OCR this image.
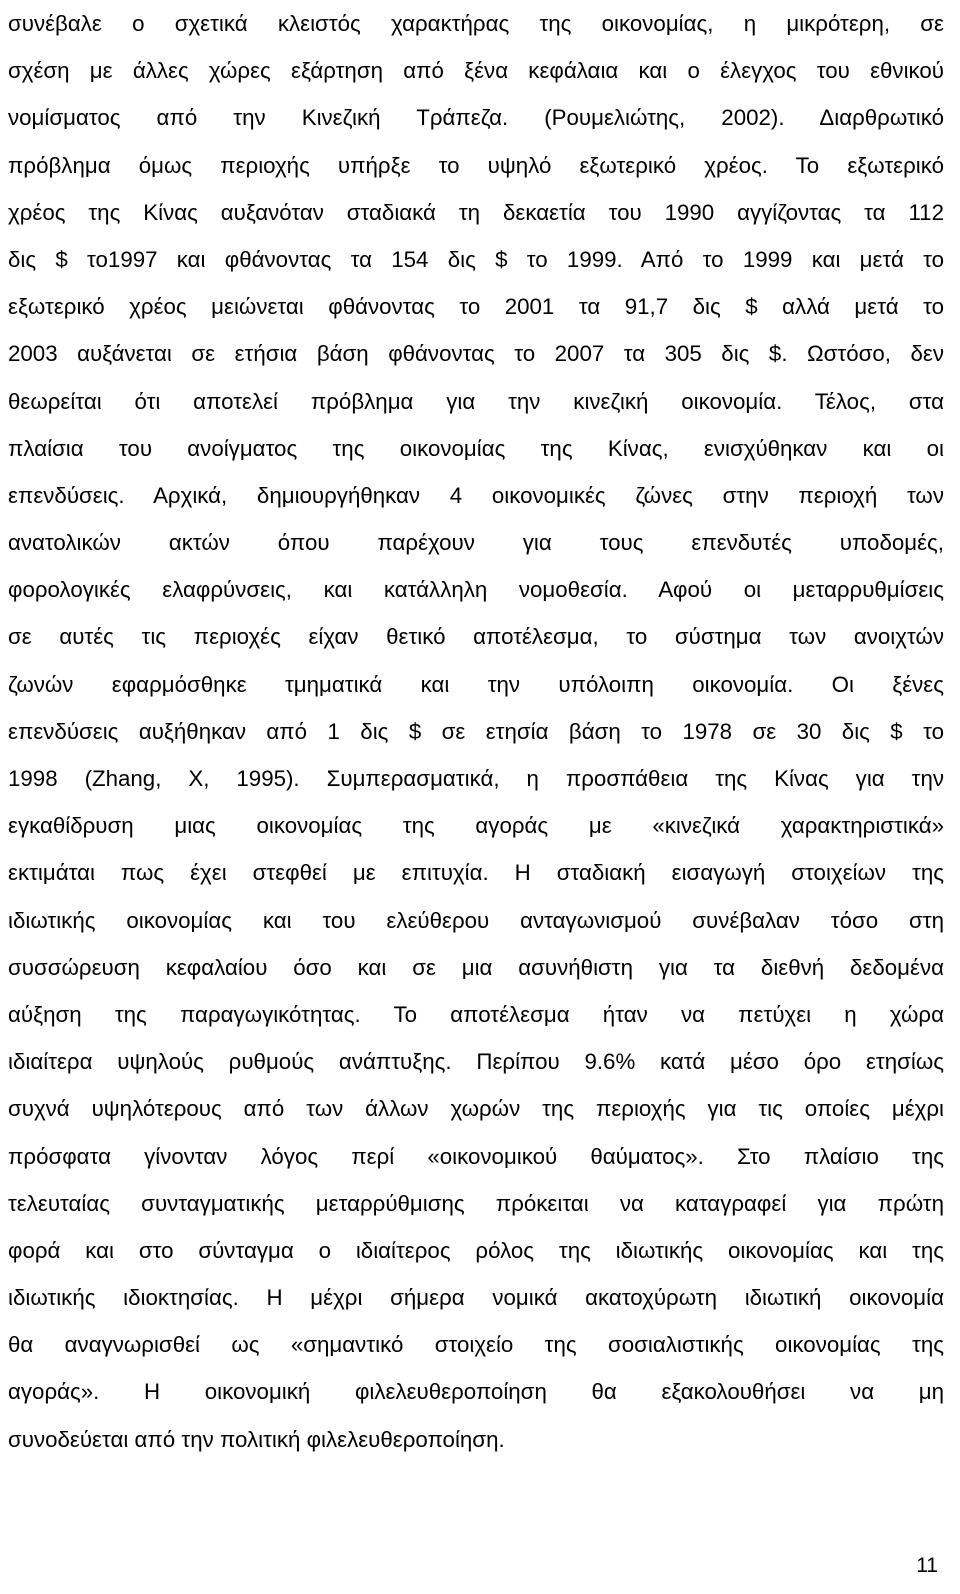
συνέβαλε ο σχετικά κλειστός χαρακτήρας της οικονομίας, η μικρότερη, σε
σχέση με άλλες χώρες εξάρτηση από ξένα κεφάλαια και ο έλεγχος του εθνικού
νομίσματος από την Κινεζική Τράπεζα. (Ρουμελιώτης, 2002). Διαρθρωτικό
πρόβλημα όμως περιοχής υπήρξε το υψηλό εξωτερικό χρέος. Το εξωτερικό
χρέος της Κίνας αυξανόταν σταδιακά τη δεκαετία του 1990 αγγίζοντας τα 112
δις $ το1997 και φθάνοντας τα 154 δις $ το 1999. Από το 1999 και μετά το
εξωτερικό χρέος μειώνεται φθάνοντας το 2001 τα 91,7 δις $ αλλά μετά το
2003 αυξάνεται σε ετήσια βάση φθάνοντας το 2007 τα 305 δις $. Ωστόσο, δεν
θεωρείται ότι αποτελεί πρόβλημα για την κινεζική οικονομία. Τέλος, στα
πλαίσια του ανοίγματος της οικονομίας της Κίνας, ενισχύθηκαν και οι
επενδύσεις. Αρχικά, δημιουργήθηκαν 4 οικονομικές ζώνες στην περιοχή των
ανατολικών ακτών όπου παρέχουν για τους επενδυτές υποδομές,
φορολογικές ελαφρύνσεις, και κατάλληλη νομοθεσία. Αφού οι μεταρρυθμίσεις
σε αυτές τις περιοχές είχαν θετικό αποτέλεσμα, το σύστημα των ανοιχτών
ζωνών εφαρμόσθηκε τμηματικά και την υπόλοιπη οικονομία. Οι ξένες
επενδύσεις αυξήθηκαν από 1 δις $ σε ετησία βάση το 1978 σε 30 δις $ το
1998 (Zhang, X, 1995). Συμπερασματικά, η προσπάθεια της Κίνας για την
εγκαθίδρυση μιας οικονομίας της αγοράς με «κινεζικά χαρακτηριστικά»
εκτιμάται πως έχει στεφθεί με επιτυχία. Η σταδιακή εισαγωγή στοιχείων της
ιδιωτικής οικονομίας και του ελεύθερου ανταγωνισμού συνέβαλαν τόσο στη
συσσώρευση κεφαλαίου όσο και σε μια ασυνήθιστη για τα διεθνή δεδομένα
αύξηση της παραγωγικότητας. Το αποτέλεσμα ήταν να πετύχει η χώρα
ιδιαίτερα υψηλούς ρυθμούς ανάπτυξης. Περίπου 9.6% κατά μέσο όρο ετησίως
συχνά υψηλότερους από των άλλων χωρών της περιοχής για τις οποίες μέχρι
πρόσφατα γίνονταν λόγος περί «οικονομικού θαύματος». Στο πλαίσιο της
τελευταίας συνταγματικής μεταρρύθμισης πρόκειται να καταγραφεί για πρώτη
φορά και στο σύνταγμα ο ιδιαίτερος ρόλος της ιδιωτικής οικονομίας και της
ιδιωτικής ιδιοκτησίας. Η μέχρι σήμερα νομικά ακατοχύρωτη ιδιωτική οικονομία
θα αναγνωρισθεί ως «σημαντικό στοιχείο της σοσιαλιστικής οικονομίας της
αγοράς». Η οικονομική φιλελευθεροποίηση θα εξακολουθήσει να μη
συνοδεύεται από την πολιτική φιλελευθεροποίηση.
11
